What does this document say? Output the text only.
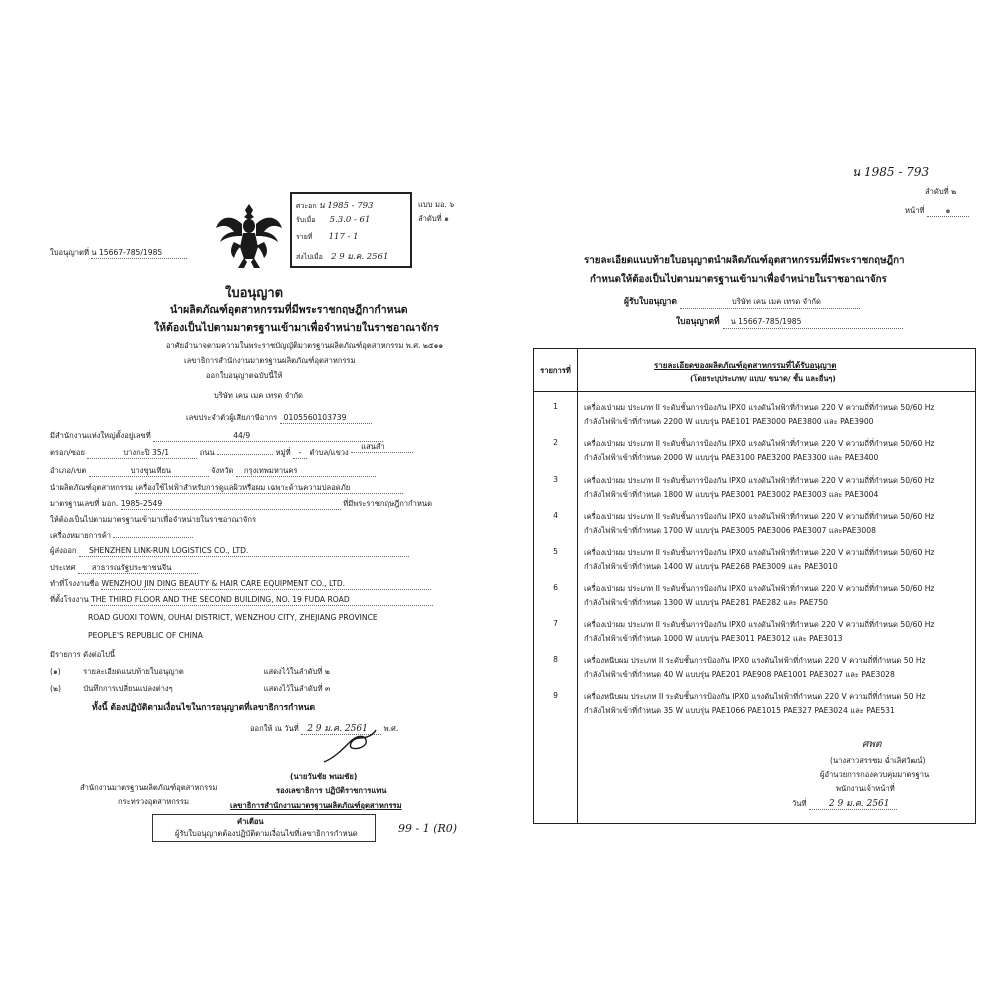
ศวะอก น 1985 - 793
รับเมื่อ 5.3.0 - 61
รายที่ 117 - 1
ส่งไปเมื่อ 2 9 ม.ค. 2561
แบบ มอ. ๖
ลำดับที่ ๑
ใบอนุญาตที่ น 15667-785/1985
ใบอนุญาต
นำผลิตภัณฑ์อุตสาหกรรมที่มีพระราชกฤษฎีกากำหนด
ให้ต้องเป็นไปตามมาตรฐานเข้ามาเพื่อจำหน่ายในราชอาณาจักร
อาศัยอำนาจตามความในพระราชบัญญัติมาตรฐานผลิตภัณฑ์อุตสาหกรรม พ.ศ. ๒๕๑๑
เลขาธิการสำนักงานมาตรฐานผลิตภัณฑ์อุตสาหกรรม
ออกใบอนุญาตฉบับนี้ให้
บริษัท เคน เมค เทรด จำกัด
เลขประจำตัวผู้เสียภาษีอากร 0105560103739
มีสำนักงานแห่งใหญ่ตั้งอยู่เลขที่	44/9
ตรอก/ซอย	บางกะปิ 35/1	ถนน	หมู่ที่ - ตำบล/แขวง แสนสำ
อำเภอ/เขต	บางขุนเทียน	จังหวัด กรุงเทพมหานคร
นำผลิตภัณฑ์อุตสาหกรรม เครื่องใช้ไฟฟ้าสำหรับการดูแลผิวหรือผม เฉพาะด้านความปลอดภัย
มาตรฐานเลขที่ มอก. 1985-2549	ที่มีพระราชกฤษฎีกากำหนด
ให้ต้องเป็นไปตามมาตรฐานเข้ามาเพื่อจำหน่ายในราชอาณาจักร
เครื่องหมายการค้า
ผู้ส่งออก SHENZHEN LINK-RUN LOGISTICS CO., LTD.
ประเทศ สาธารณรัฐประชาชนจีน
ทำที่โรงงานชื่อ WENZHOU JIN DING BEAUTY & HAIR CARE EQUIPMENT CO., LTD.
ที่ตั้งโรงงาน THE THIRD FLOOR AND THE SECOND BUILDING, NO. 19 FUDA ROAD
ROAD GUOXI TOWN, OUHAI DISTRICT, WENZHOU CITY, ZHEJIANG PROVINCE
PEOPLE'S REPUBLIC OF CHINA
มีรายการ ดังต่อไปนี้
(๑)	รายละเอียดแนบท้ายใบอนุญาต	แสดงไว้ในลำดับที่ ๒
(๒)	บันทึกการเปลี่ยนแปลงต่างๆ	แสดงไว้ในลำดับที่ ๓
ทั้งนี้ ต้องปฏิบัติตามเงื่อนไขในการอนุญาตที่เลขาธิการกำหนด
ออกให้ ณ วันที่ 2 9 ม.ค. 2561 พ.ศ.
(นายวันชัย พนมชัย)
รองเลขาธิการ ปฏิบัติราชการแทน
เลขาธิการสำนักงานมาตรฐานผลิตภัณฑ์อุตสาหกรรม
สำนักงานมาตรฐานผลิตภัณฑ์อุตสาหกรรม
กระทรวงอุตสาหกรรม
คำเตือน
ผู้รับใบอนุญาตต้องปฏิบัติตามเงื่อนไขที่เลขาธิการกำหนด	99 - 1 (R0)
น 1985 - 793
ลำดับที่ ๒
หน้าที่	๑
รายละเอียดแนบท้ายใบอนุญาตนำผลิตภัณฑ์อุตสาหกรรมที่มีพระราชกฤษฎีกา
กำหนดให้ต้องเป็นไปตามมาตรฐานเข้ามาเพื่อจำหน่ายในราชอาณาจักร
ผู้รับใบอนุญาต	บริษัท เคน เมค เทรด จำกัด
ใบอนุญาตที่ น 15667-785/1985
รายการที่
รายละเอียดของผลิตภัณฑ์อุตสาหกรรมที่ได้รับอนุญาต
(โดยระบุประเภท/ แบบ/ ขนาด/ ชั้น และอื่นๆ)
1	เครื่องเป่าผม ประเภท II ระดับชั้นการป้องกัน IPX0 แรงดันไฟฟ้าที่กำหนด 220 V ความถี่ที่กำหนด 50/60 Hz
กำลังไฟฟ้าเข้าที่กำหนด 2200 W แบบรุ่น PAE101 PAE3000 PAE3800 และ PAE3900
2	เครื่องเป่าผม ประเภท II ระดับชั้นการป้องกัน IPX0 แรงดันไฟฟ้าที่กำหนด 220 V ความถี่ที่กำหนด 50/60 Hz
กำลังไฟฟ้าเข้าที่กำหนด 2000 W แบบรุ่น PAE3100 PAE3200 PAE3300 และ PAE3400
3	เครื่องเป่าผม ประเภท II ระดับชั้นการป้องกัน IPX0 แรงดันไฟฟ้าที่กำหนด 220 V ความถี่ที่กำหนด 50/60 Hz
กำลังไฟฟ้าเข้าที่กำหนด 1800 W แบบรุ่น PAE3001 PAE3002 PAE3003 และ PAE3004
4	เครื่องเป่าผม ประเภท II ระดับชั้นการป้องกัน IPX0 แรงดันไฟฟ้าที่กำหนด 220 V ความถี่ที่กำหนด 50/60 Hz
กำลังไฟฟ้าเข้าที่กำหนด 1700 W แบบรุ่น PAE3005 PAE3006 PAE3007 และPAE3008
5	เครื่องเป่าผม ประเภท II ระดับชั้นการป้องกัน IPX0 แรงดันไฟฟ้าที่กำหนด 220 V ความถี่ที่กำหนด 50/60 Hz
กำลังไฟฟ้าเข้าที่กำหนด 1400 W แบบรุ่น PAE268 PAE3009 และ PAE3010
6	เครื่องเป่าผม ประเภท II ระดับชั้นการป้องกัน IPX0 แรงดันไฟฟ้าที่กำหนด 220 V ความถี่ที่กำหนด 50/60 Hz
กำลังไฟฟ้าเข้าที่กำหนด 1300 W แบบรุ่น PAE281 PAE282 และ PAE750
7	เครื่องเป่าผม ประเภท II ระดับชั้นการป้องกัน IPX0 แรงดันไฟฟ้าที่กำหนด 220 V ความถี่ที่กำหนด 50/60 Hz
กำลังไฟฟ้าเข้าที่กำหนด 1000 W แบบรุ่น PAE3011 PAE3012 และ PAE3013
8	เครื่องหนีบผม ประเภท II ระดับชั้นการป้องกัน IPX0 แรงดันไฟฟ้าที่กำหนด 220 V ความถี่ที่กำหนด 50 Hz
กำลังไฟฟ้าเข้าที่กำหนด 40 W แบบรุ่น PAE201 PAE908 PAE1001 PAE3027 และ PAE3028
9	เครื่องหนีบผม ประเภท II ระดับชั้นการป้องกัน IPX0 แรงดันไฟฟ้าที่กำหนด 220 V ความถี่ที่กำหนด 50 Hz
กำลังไฟฟ้าเข้าที่กำหนด 35 W แบบรุ่น PAE1066 PAE1015 PAE327 PAE3024 และ PAE531
ศพต
(นางสาวสรรชม ฉ่ำเลิศวัฒน์)
ผู้อำนวยการกองควบคุมมาตรฐาน
พนักงานเจ้าหน้าที่
วันที่ 2 9 ม.ค. 2561
